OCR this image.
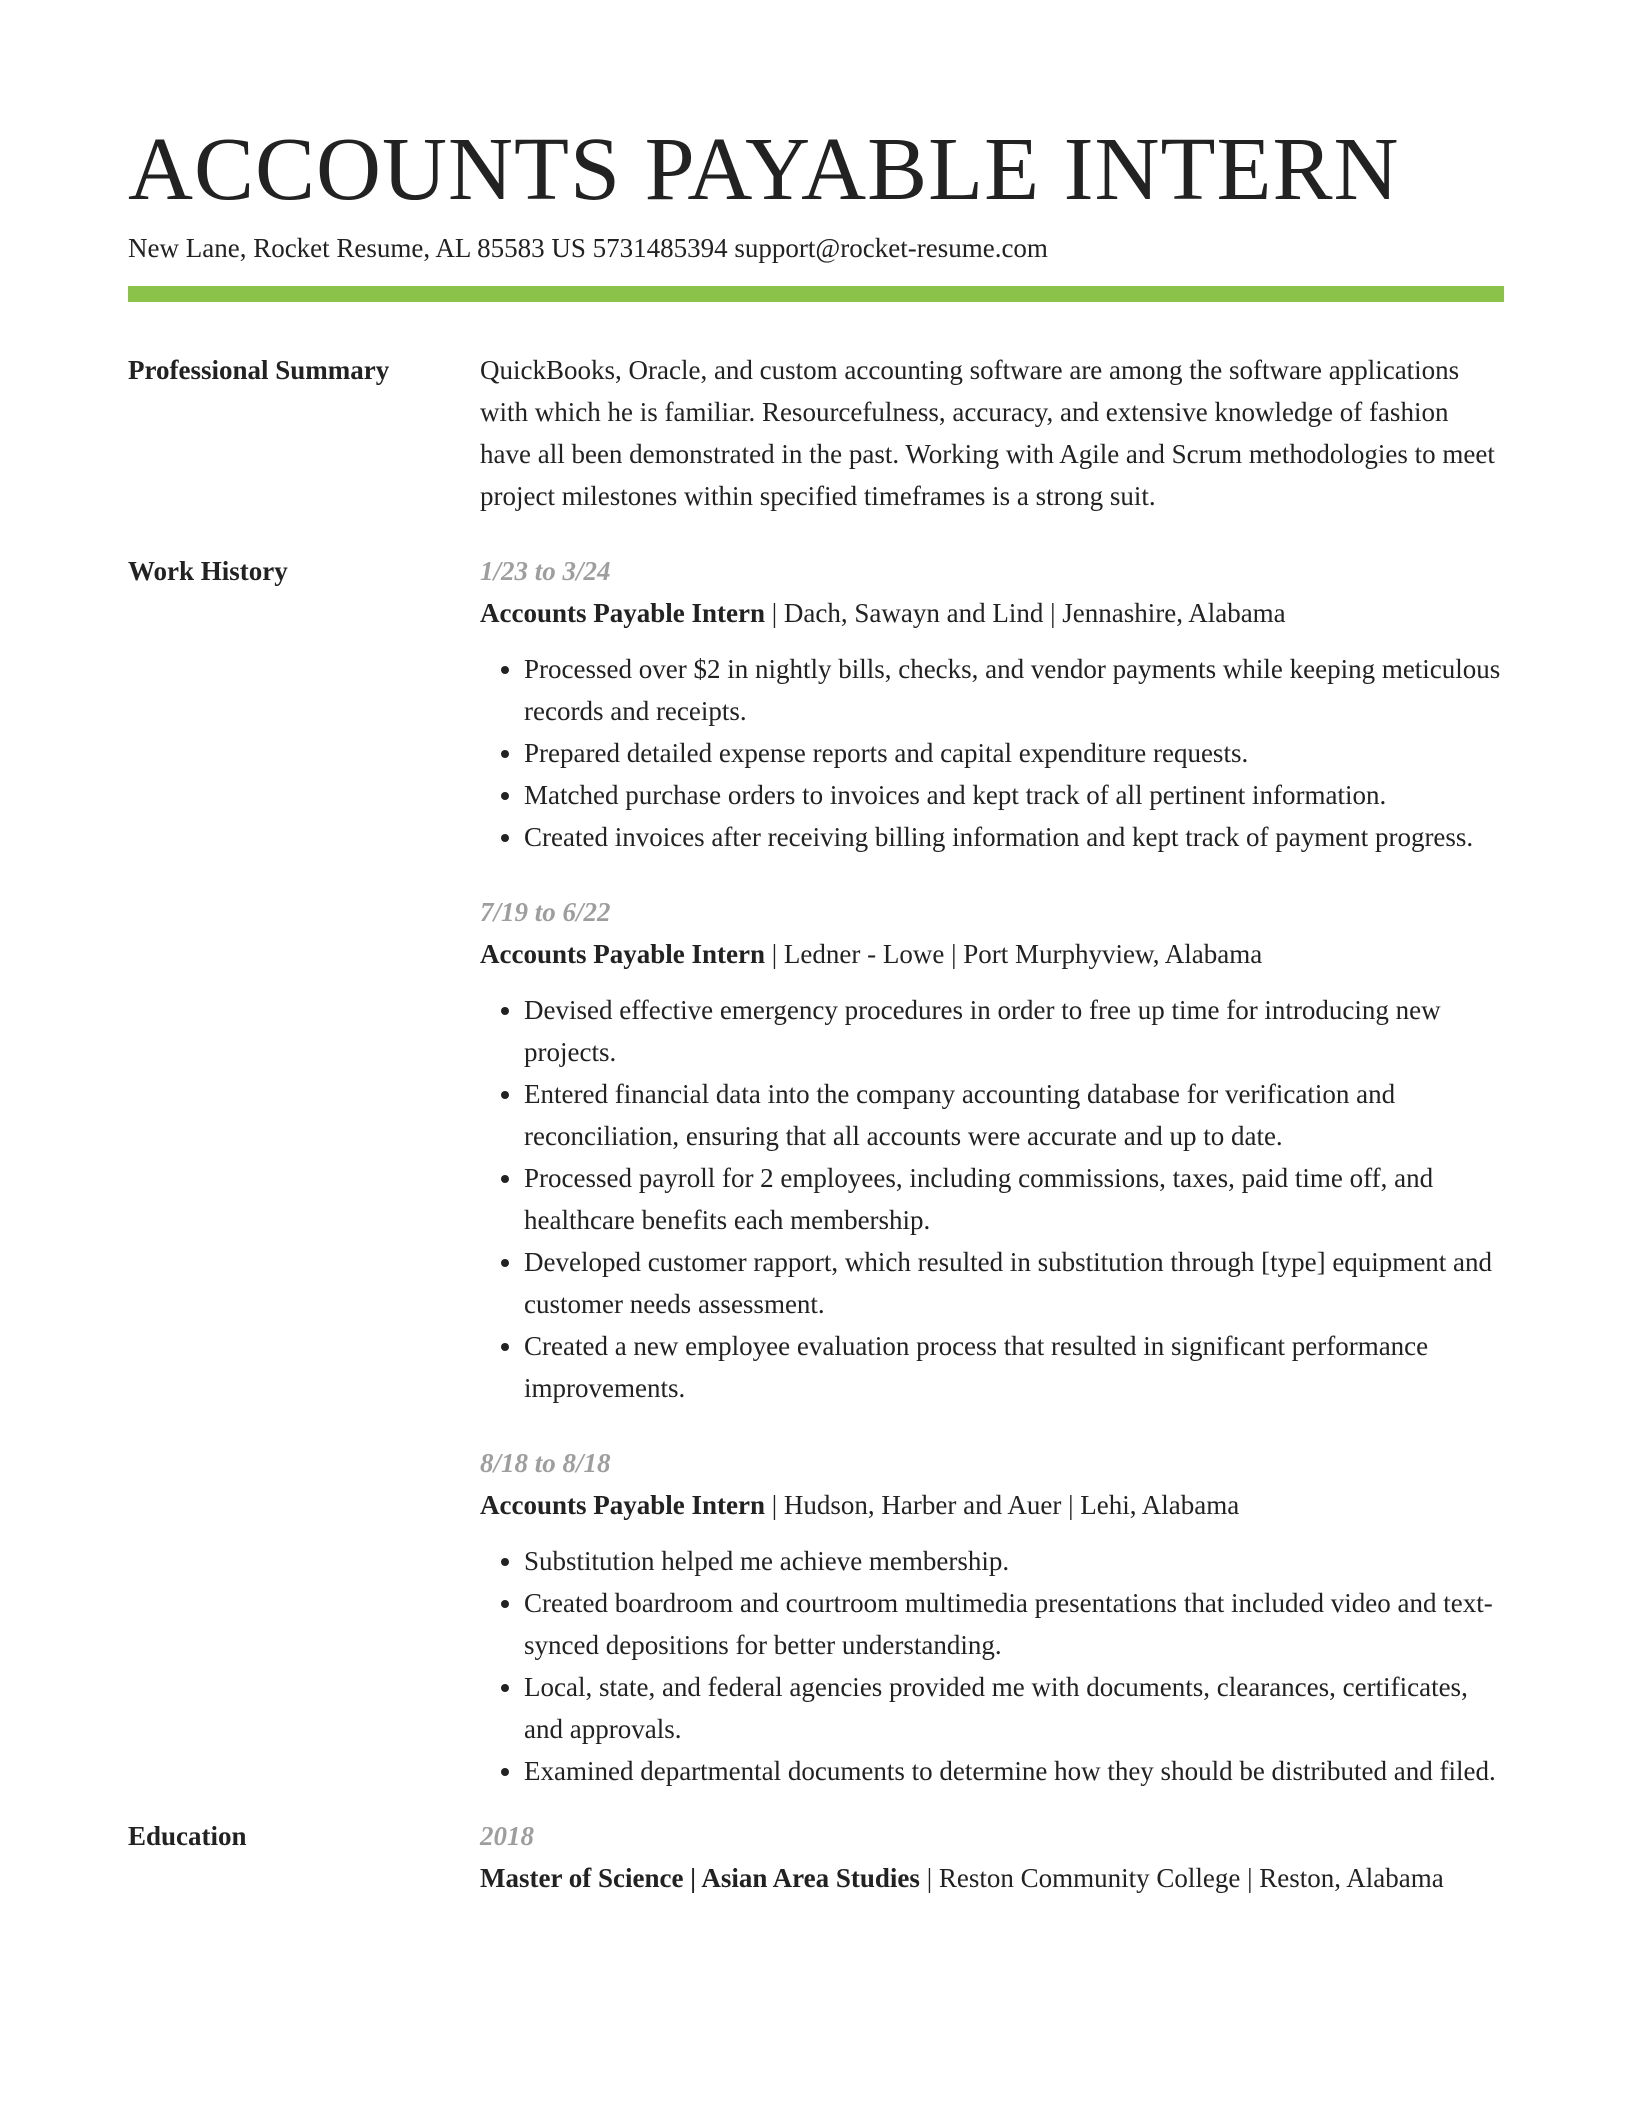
ACCOUNTS PAYABLE INTERN
New Lane, Rocket Resume, AL 85583 US 5731485394 support@rocket-resume.com
Professional Summary	QuickBooks, Oracle, and custom accounting software are among the software applications with which he is familiar. Resourcefulness, accuracy, and extensive knowledge of fashion have all been demonstrated in the past. Working with Agile and Scrum methodologies to meet project milestones within specified timeframes is a strong suit.

Work History	1/23 to 3/24
Accounts Payable Intern | Dach, Sawayn and Lind | Jennashire, Alabama
• Processed over $2 in nightly bills, checks, and vendor payments while keeping meticulous records and receipts.
• Prepared detailed expense reports and capital expenditure requests.
• Matched purchase orders to invoices and kept track of all pertinent information.
• Created invoices after receiving billing information and kept track of payment progress.
7/19 to 6/22
Accounts Payable Intern | Ledner - Lowe | Port Murphyview, Alabama
• Devised effective emergency procedures in order to free up time for introducing new projects.
• Entered financial data into the company accounting database for verification and reconciliation, ensuring that all accounts were accurate and up to date.
• Processed payroll for 2 employees, including commissions, taxes, paid time off, and healthcare benefits each membership.
• Developed customer rapport, which resulted in substitution through [type] equipment and customer needs assessment.
• Created a new employee evaluation process that resulted in significant performance improvements.
8/18 to 8/18
Accounts Payable Intern | Hudson, Harber and Auer | Lehi, Alabama
• Substitution helped me achieve membership.
• Created boardroom and courtroom multimedia presentations that included video and text-synced depositions for better understanding.
• Local, state, and federal agencies provided me with documents, clearances, certificates, and approvals.
• Examined departmental documents to determine how they should be distributed and filed.
Education	2018
Master of Science | Asian Area Studies | Reston Community College | Reston, Alabama
